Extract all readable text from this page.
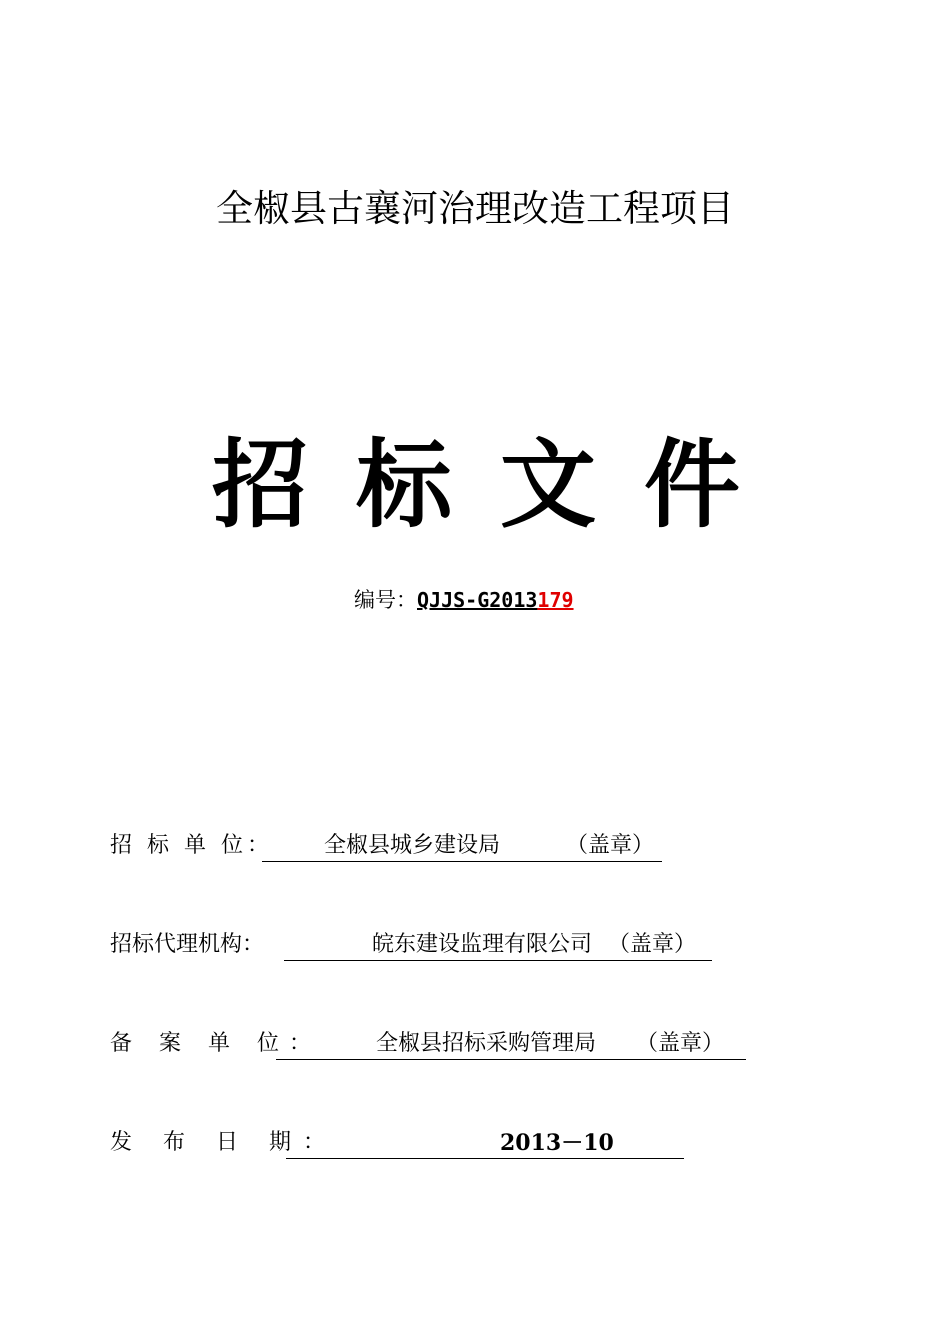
全椒县古襄河治理改造工程项目
招 标 文 件
编号：QJJS-G2013179
招 标 单 位： 全椒县城乡建设局	（盖章）
招标代理机构：	皖东建设监理有限公司 （盖章）
备 案 单 位：	全椒县招标采购管理局 （盖章）
发 布 日 期：	2013－10
